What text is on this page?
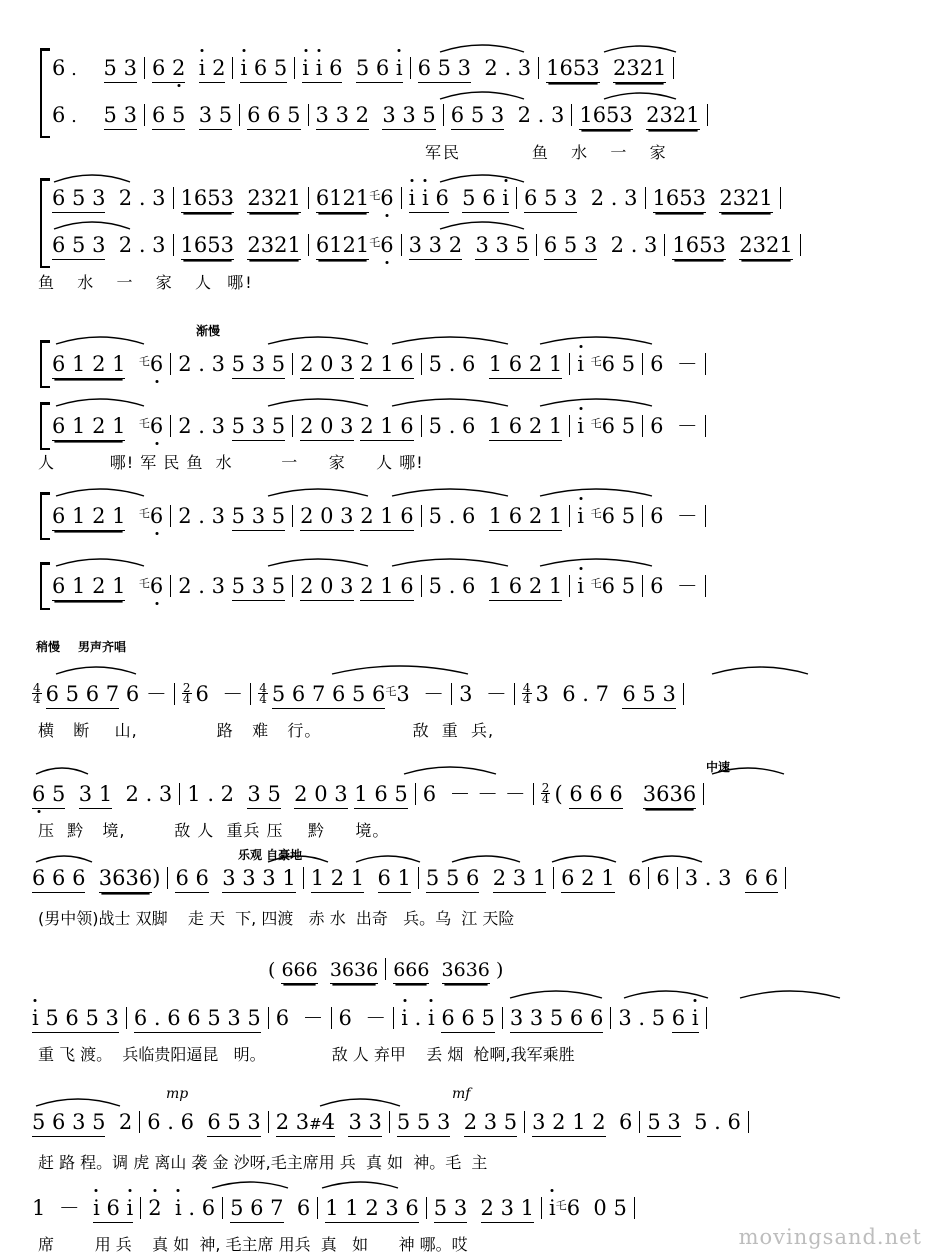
6 . 5 3 6 2 i 2 i 6 5 i i 6 5 6 i 6 5 3 2 . 3 1653 2321
6 . 5 3 6 5 3 5 6 6 5 3 3 2 3 3 5 6 5 3 2 . 3 1653 2321
军民          鱼   水   一   家
6 5 3 2 . 3 1653 2321 $6121^乇6$ i i 6 5 6 i 6 5 3 2 . 3 1653 2321
6 5 3 2 . 3 1653 2321 $6121^乇6$ 3 3 2 3 3 5 6 5 3 2 . 3 1653 2321
鱼   水   一   家   人  哪!
渐慢
6 1 2 1 $^乇$6 2 . 3 5 3 5 2 0 3 2 1 6 5 . 6 1 6 2 1 i $^乇$6 5 6  －
6 1 2 1 $^乇$6 2 . 3 5 3 5 2 0 3 2 1 6 5 . 6 1 6 2 1 i $^乇$6 5 6  －
人         哪! 军 民 鱼  水        一     家     人 哪!
6 1 2 1 $^乇$6 2 . 3 5 3 5 2 0 3 2 1 6 5 . 6 1 6 2 1 i $^乇$6 5 6  －
6 1 2 1 $^乇$6 2 . 3 5 3 5 2 0 3 2 1 6 5 . 6 1 6 2 1 i $^乇$6 5 6  －
稍慢 男声齐唱
4
4 6 5 6 7 6 － 2
4 6 － 4
4 5 6 7 6 5 $6^乇3 - 3 - 4$
4 3 6 . 7 6 5 3
横   断    山,             路   难   行。               敌  重  兵,
中速
6 5 3 1 2 . 3 1 . 2 3 5 2 0 3 1 6 5 6  － － － 2
4 ( 6 6 6 3636
压  黔   境,        敌 人  重兵 压    黔     境。
乐观 自豪地
6 6 6 3636) 6 6 3 3 3 1 1 2 1 6 1 5 5 6 2 3 1 6 2 1 6 6 3 . 3 6 6
(男中领)战士 双脚    走 天  下, 四渡   赤 水  出奇   兵。乌  江 天险
( 666 3636 666 3636 )
i 5 6 5 3 6 . 6 6 5 3 5 6  － 6  － i . i 6 6 5 3 3 5 6 6 3 . 5 6 i
重 飞 渡。  兵临贵阳逼昆   明。             敌 人 弃甲    丢 烟  枪啊,我军乘胜
mp	mf
5 6 3 5 2 6 . 6 6 5 3 2 3#4 3 3 5 5 3 2 3 5 3 2 1 2 6 5 3 5 . 6
赶 路 程。调 虎 离山 袭 金 沙呀,毛主席用 兵  真 如  神。毛  主
1 － i 6 i 2 i . 6 5 6 7 6 1 1 2 3 6 5 3 2 3 1 $i^乇6$  0 5
席        用 兵    真 如  神, 毛主席 用兵  真   如      神 哪。哎	movingsand.net
